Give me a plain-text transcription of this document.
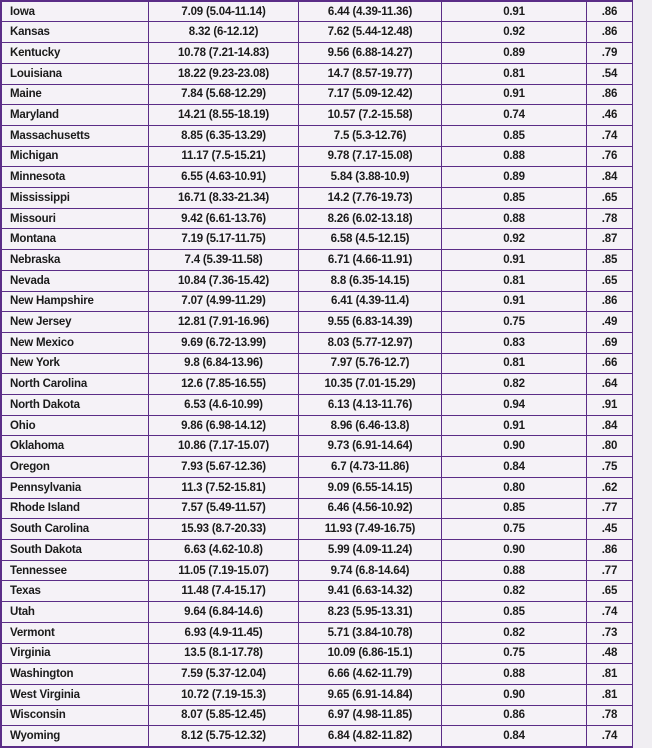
Iowa	7.09 (5.04-11.14)	6.44 (4.39-11.36)	0.91	.86
Kansas	8.32 (6-12.12)	7.62 (5.44-12.48)	0.92	.86
Kentucky	10.78 (7.21-14.83)	9.56 (6.88-14.27)	0.89	.79
Louisiana	18.22 (9.23-23.08)	14.7 (8.57-19.77)	0.81	.54
Maine	7.84 (5.68-12.29)	7.17 (5.09-12.42)	0.91	.86
Maryland	14.21 (8.55-18.19)	10.57 (7.2-15.58)	0.74	.46
Massachusetts	8.85 (6.35-13.29)	7.5 (5.3-12.76)	0.85	.74
Michigan	11.17 (7.5-15.21)	9.78 (7.17-15.08)	0.88	.76
Minnesota	6.55 (4.63-10.91)	5.84 (3.88-10.9)	0.89	.84
Mississippi	16.71 (8.33-21.34)	14.2 (7.76-19.73)	0.85	.65
Missouri	9.42 (6.61-13.76)	8.26 (6.02-13.18)	0.88	.78
Montana	7.19 (5.17-11.75)	6.58 (4.5-12.15)	0.92	.87
Nebraska	7.4 (5.39-11.58)	6.71 (4.66-11.91)	0.91	.85
Nevada	10.84 (7.36-15.42)	8.8 (6.35-14.15)	0.81	.65
New Hampshire	7.07 (4.99-11.29)	6.41 (4.39-11.4)	0.91	.86
New Jersey	12.81 (7.91-16.96)	9.55 (6.83-14.39)	0.75	.49
New Mexico	9.69 (6.72-13.99)	8.03 (5.77-12.97)	0.83	.69
New York	9.8 (6.84-13.96)	7.97 (5.76-12.7)	0.81	.66
North Carolina	12.6 (7.85-16.55)	10.35 (7.01-15.29)	0.82	.64
North Dakota	6.53 (4.6-10.99)	6.13 (4.13-11.76)	0.94	.91
Ohio	9.86 (6.98-14.12)	8.96 (6.46-13.8)	0.91	.84
Oklahoma	10.86 (7.17-15.07)	9.73 (6.91-14.64)	0.90	.80
Oregon	7.93 (5.67-12.36)	6.7 (4.73-11.86)	0.84	.75
Pennsylvania	11.3 (7.52-15.81)	9.09 (6.55-14.15)	0.80	.62
Rhode Island	7.57 (5.49-11.57)	6.46 (4.56-10.92)	0.85	.77
South Carolina	15.93 (8.7-20.33)	11.93 (7.49-16.75)	0.75	.45
South Dakota	6.63 (4.62-10.8)	5.99 (4.09-11.24)	0.90	.86
Tennessee	11.05 (7.19-15.07)	9.74 (6.8-14.64)	0.88	.77
Texas	11.48 (7.4-15.17)	9.41 (6.63-14.32)	0.82	.65
Utah	9.64 (6.84-14.6)	8.23 (5.95-13.31)	0.85	.74
Vermont	6.93 (4.9-11.45)	5.71 (3.84-10.78)	0.82	.73
Virginia	13.5 (8.1-17.78)	10.09 (6.86-15.1)	0.75	.48
Washington	7.59 (5.37-12.04)	6.66 (4.62-11.79)	0.88	.81
West Virginia	10.72 (7.19-15.3)	9.65 (6.91-14.84)	0.90	.81
Wisconsin	8.07 (5.85-12.45)	6.97 (4.98-11.85)	0.86	.78
Wyoming	8.12 (5.75-12.32)	6.84 (4.82-11.82)	0.84	.74
